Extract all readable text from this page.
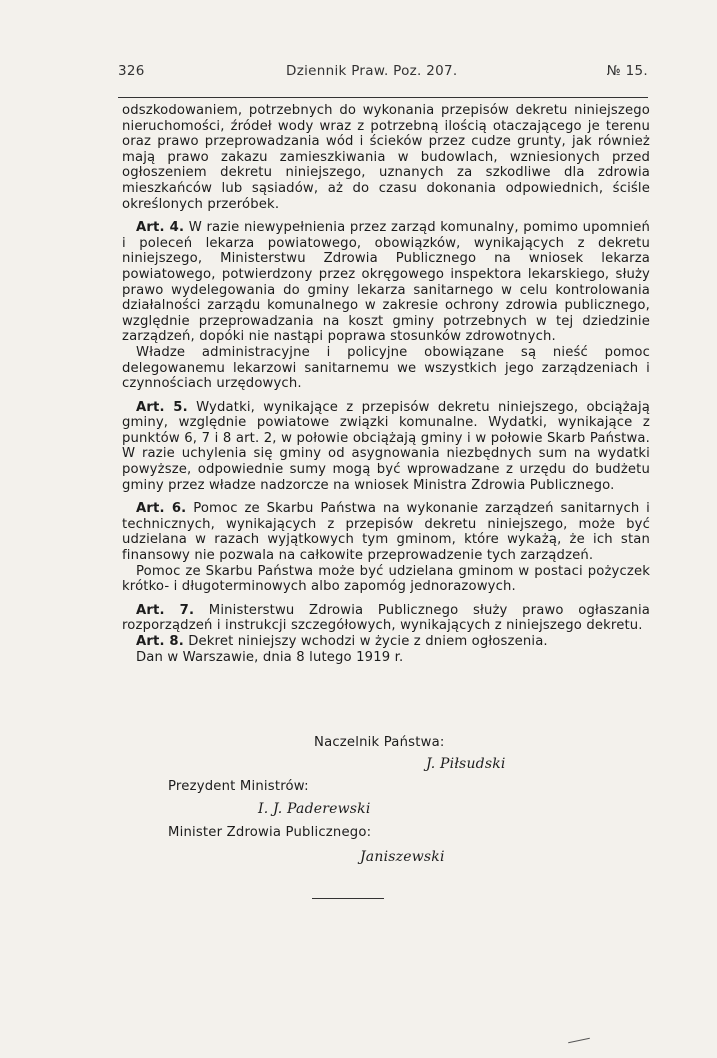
326	Dziennik Praw. Poz. 207.	№ 15.

odszkodowaniem, potrzebnych do wykonania przepisów dekretu niniejszego nieruchomości, źródeł wody wraz z potrzebną ilością otaczającego je terenu oraz prawo przeprowadzania wód i ścieków przez cudze grunty, jak również mają prawo zakazu zamieszkiwania w budowlach, wzniesionych przed ogłoszeniem dekretu niniejszego, uznanych za szkodliwe dla zdrowia mieszkańców lub sąsiadów, aż do czasu dokonania odpowiednich, ściśle określonych przeróbek.

Art. 4. W razie niewypełnienia przez zarząd komunalny, pomimo upomnień i poleceń lekarza powiatowego, obowiązków, wynikających z dekretu niniejszego, Ministerstwu Zdrowia Publicznego na wniosek lekarza powiatowego, potwierdzony przez okręgowego inspektora lekarskiego, służy prawo wydelegowania do gminy lekarza sanitarnego w celu kontrolowania działalności zarządu komunalnego w zakresie ochrony zdrowia publicznego, względnie przeprowadzania na koszt gminy potrzebnych w tej dziedzinie zarządzeń, dopóki nie nastąpi poprawa stosunków zdrowotnych.

Władze administracyjne i policyjne obowiązane są nieść pomoc delegowanemu lekarzowi sanitarnemu we wszystkich jego zarządzeniach i czynnościach urzędowych.

Art. 5. Wydatki, wynikające z przepisów dekretu niniejszego, obciążają gminy, względnie powiatowe związki komunalne. Wydatki, wynikające z punktów 6, 7 i 8 art. 2, w połowie obciążają gminy i w połowie Skarb Państwa. W razie uchylenia się gminy od asygnowania niezbędnych sum na wydatki powyższe, odpowiednie sumy mogą być wprowadzane z urzędu do budżetu gminy przez władze nadzorcze na wniosek Ministra Zdrowia Publicznego.

Art. 6. Pomoc ze Skarbu Państwa na wykonanie zarządzeń sanitarnych i technicznych, wynikających z przepisów dekretu niniejszego, może być udzielana w razach wyjątkowych tym gminom, które wykażą, że ich stan finansowy nie pozwala na całkowite przeprowadzenie tych zarządzeń.

Pomoc ze Skarbu Państwa może być udzielana gminom w postaci pożyczek krótko- i długoterminowych albo zapomóg jednorazowych.

Art. 7. Ministerstwu Zdrowia Publicznego służy prawo ogłaszania rozporządzeń i instrukcji szczegółowych, wynikających z niniejszego dekretu.

Art. 8. Dekret niniejszy wchodzi w życie z dniem ogłoszenia.

Dan w Warszawie, dnia 8 lutego 1919 r.

Naczelnik Państwa:
J. Piłsudski
Prezydent Ministrów:
I. J. Paderewski
Minister Zdrowia Publicznego:
Janiszewski
